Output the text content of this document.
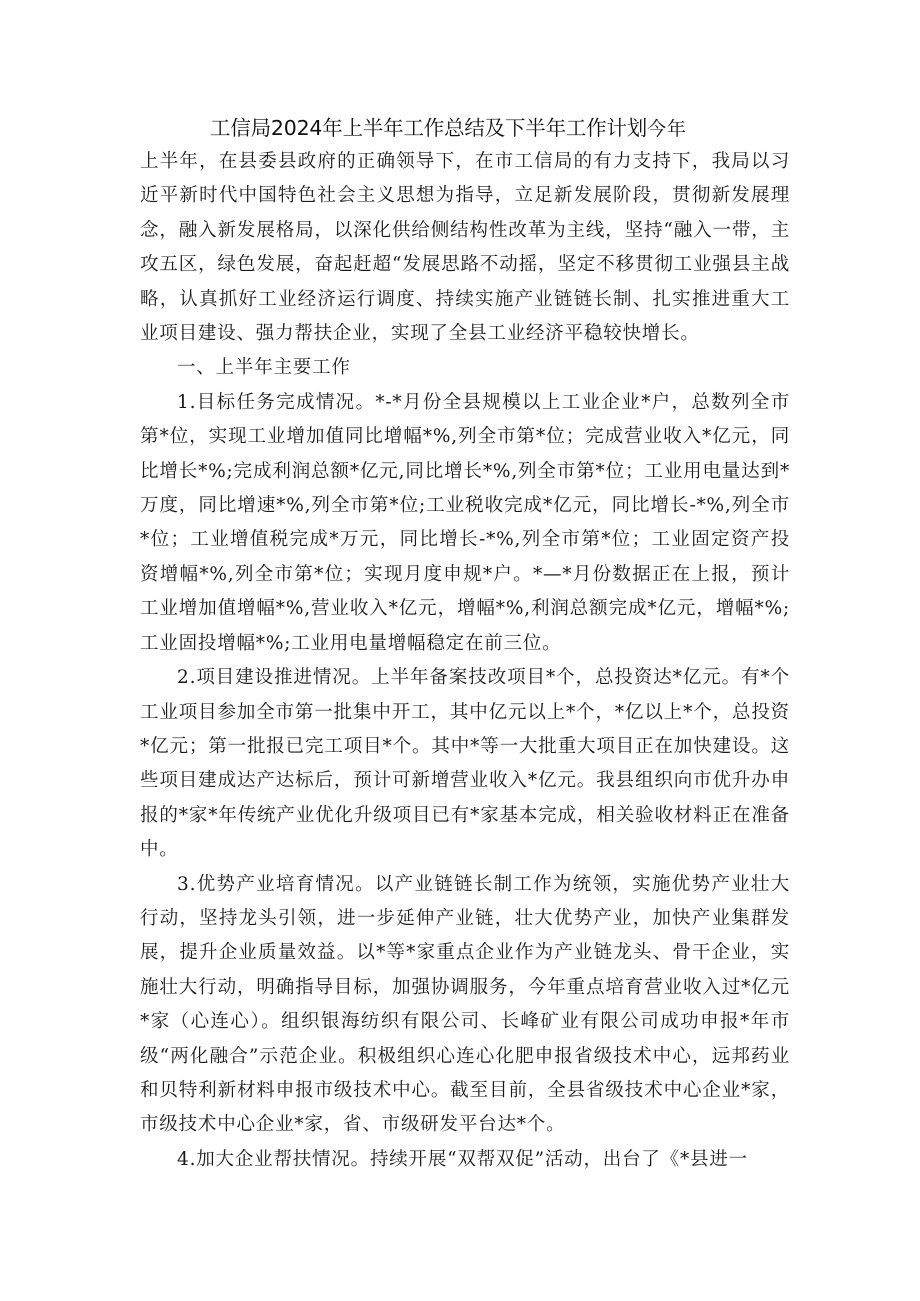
工信局2024年上半年工作总结及下半年工作计划今年

上半年，在县委县政府的正确领导下，在市工信局的有力支持下，我局以习近平新时代中国特色社会主义思想为指导，立足新发展阶段，贯彻新发展理念，融入新发展格局，以深化供给侧结构性改革为主线，坚持“融入一带，主攻五区，绿色发展，奋起赶超“发展思路不动摇，坚定不移贯彻工业强县主战略，认真抓好工业经济运行调度、持续实施产业链链长制、扎实推进重大工业项目建设、强力帮扶企业，实现了全县工业经济平稳较快增长。

一、上半年主要工作

1.目标任务完成情况。*-*月份全县规模以上工业企业*户，总数列全市第*位，实现工业增加值同比增幅*%,列全市第*位；完成营业收入*亿元，同比增长*%;完成利润总额*亿元,同比增长*%,列全市第*位；工业用电量达到*万度，同比增速*%,列全市第*位;工业税收完成*亿元，同比增长-*%,列全市*位；工业增值税完成*万元，同比增长-*%,列全市第*位；工业固定资产投资增幅*%,列全市第*位；实现月度申规*户。*—*月份数据正在上报，预计工业增加值增幅*%,营业收入*亿元，增幅*%,利润总额完成*亿元，增幅*%;工业固投增幅*%;工业用电量增幅稳定在前三位。

2.项目建设推进情况。上半年备案技改项目*个，总投资达*亿元。有*个工业项目参加全市第一批集中开工，其中亿元以上*个，*亿以上*个，总投资*亿元；第一批报已完工项目*个。其中*等一大批重大项目正在加快建设。这些项目建成达产达标后，预计可新增营业收入*亿元。我县组织向市优升办申报的*家*年传统产业优化升级项目已有*家基本完成，相关验收材料正在准备中。

3.优势产业培育情况。以产业链链长制工作为统领，实施优势产业壮大行动，坚持龙头引领，进一步延伸产业链，壮大优势产业，加快产业集群发展，提升企业质量效益。以*等*家重点企业作为产业链龙头、骨干企业，实施壮大行动，明确指导目标，加强协调服务，今年重点培育营业收入过*亿元*家（心连心）。组织银海纺织有限公司、长峰矿业有限公司成功申报*年市级“两化融合”示范企业。积极组织心连心化肥申报省级技术中心，远邦药业和贝特利新材料申报市级技术中心。截至目前，全县省级技术中心企业*家，市级技术中心企业*家，省、市级研发平台达*个。

4.加大企业帮扶情况。持续开展“双帮双促”活动，出台了《*县进一
